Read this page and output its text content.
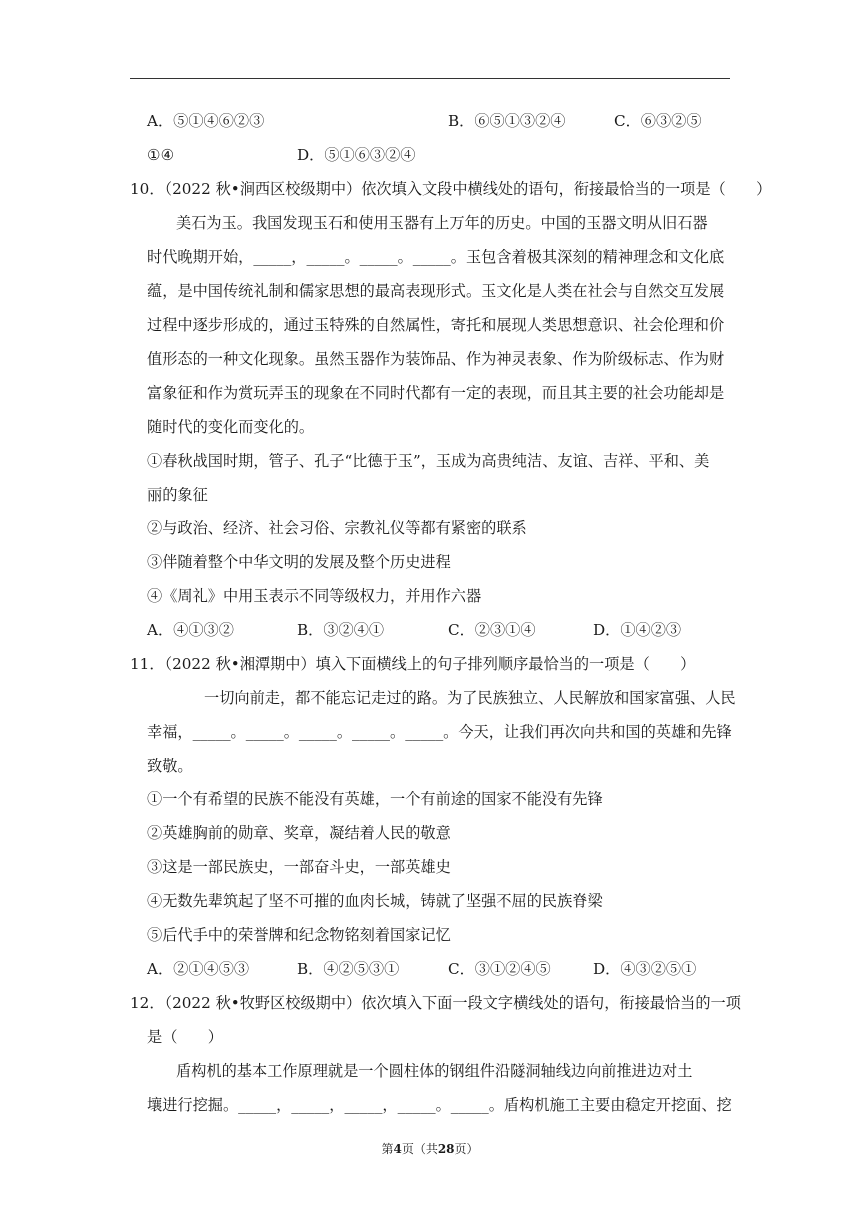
A．⑤①④⑥②③	B．⑥⑤①③②④	C．⑥③②⑤
①④	D．⑤①⑥③②④
10．（2022 秋•涧西区校级期中）依次填入文段中横线处的语句，衔接最恰当的一项是（　　）
美石为玉。我国发现玉石和使用玉器有上万年的历史。中国的玉器文明从旧石器
时代晚期开始，_____，_____。_____。_____。玉包含着极其深刻的精神理念和文化底
蕴，是中国传统礼制和儒家思想的最高表现形式。玉文化是人类在社会与自然交互发展
过程中逐步形成的，通过玉特殊的自然属性，寄托和展现人类思想意识、社会伦理和价
值形态的一种文化现象。虽然玉器作为装饰品、作为神灵表象、作为阶级标志、作为财
富象征和作为赏玩弄玉的现象在不同时代都有一定的表现，而且其主要的社会功能却是
随时代的变化而变化的。
①春秋战国时期，管子、孔子“比德于玉”，玉成为高贵纯洁、友谊、吉祥、平和、美
丽的象征
②与政治、经济、社会习俗、宗教礼仪等都有紧密的联系
③伴随着整个中华文明的发展及整个历史进程
④《周礼》中用玉表示不同等级权力，并用作六器
A．④①③②	B．③②④①	C．②③①④	D．①④②③
11．（2022 秋•湘潭期中）填入下面横线上的句子排列顺序最恰当的一项是（　　）
一切向前走，都不能忘记走过的路。为了民族独立、人民解放和国家富强、人民
幸福，_____。_____。_____。_____。_____。今天，让我们再次向共和国的英雄和先锋
致敬。
①一个有希望的民族不能没有英雄，一个有前途的国家不能没有先锋
②英雄胸前的勋章、奖章，凝结着人民的敬意
③这是一部民族史，一部奋斗史，一部英雄史
④无数先辈筑起了坚不可摧的血肉长城，铸就了坚强不屈的民族脊梁
⑤后代手中的荣誉牌和纪念物铭刻着国家记忆
A．②①④⑤③	B．④②⑤③①	C．③①②④⑤	D．④③②⑤①
12．（2022 秋•牧野区校级期中）依次填入下面一段文字横线处的语句，衔接最恰当的一项
是（　　）
盾构机的基本工作原理就是一个圆柱体的钢组件沿隧洞轴线边向前推进边对土
壤进行挖掘。_____，_____，_____，_____。_____。盾构机施工主要由稳定开挖面、挖
第4页（共28页）
